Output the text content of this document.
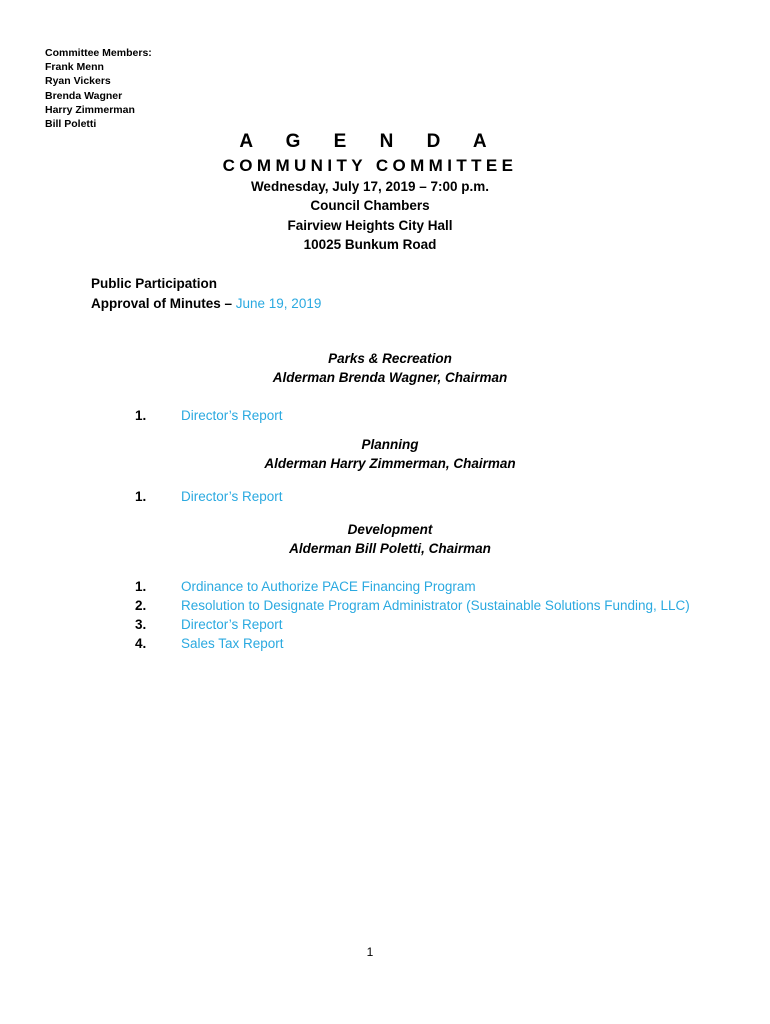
Committee Members:
Frank Menn
Ryan Vickers
Brenda Wagner
Harry Zimmerman
Bill Poletti
A G E N D A
COMMUNITY COMMITTEE
Wednesday, July 17, 2019 – 7:00 p.m.
Council Chambers
Fairview Heights City Hall
10025 Bunkum Road
Public Participation
Approval of Minutes – June 19, 2019
Parks & Recreation
Alderman Brenda Wagner, Chairman
1.	Director’s Report
Planning
Alderman Harry Zimmerman, Chairman
1.	Director’s Report
Development
Alderman Bill Poletti, Chairman
1.	Ordinance to Authorize PACE Financing Program
2.	Resolution to Designate Program Administrator (Sustainable Solutions Funding, LLC)
3.	Director’s Report
4.	Sales Tax Report
1
